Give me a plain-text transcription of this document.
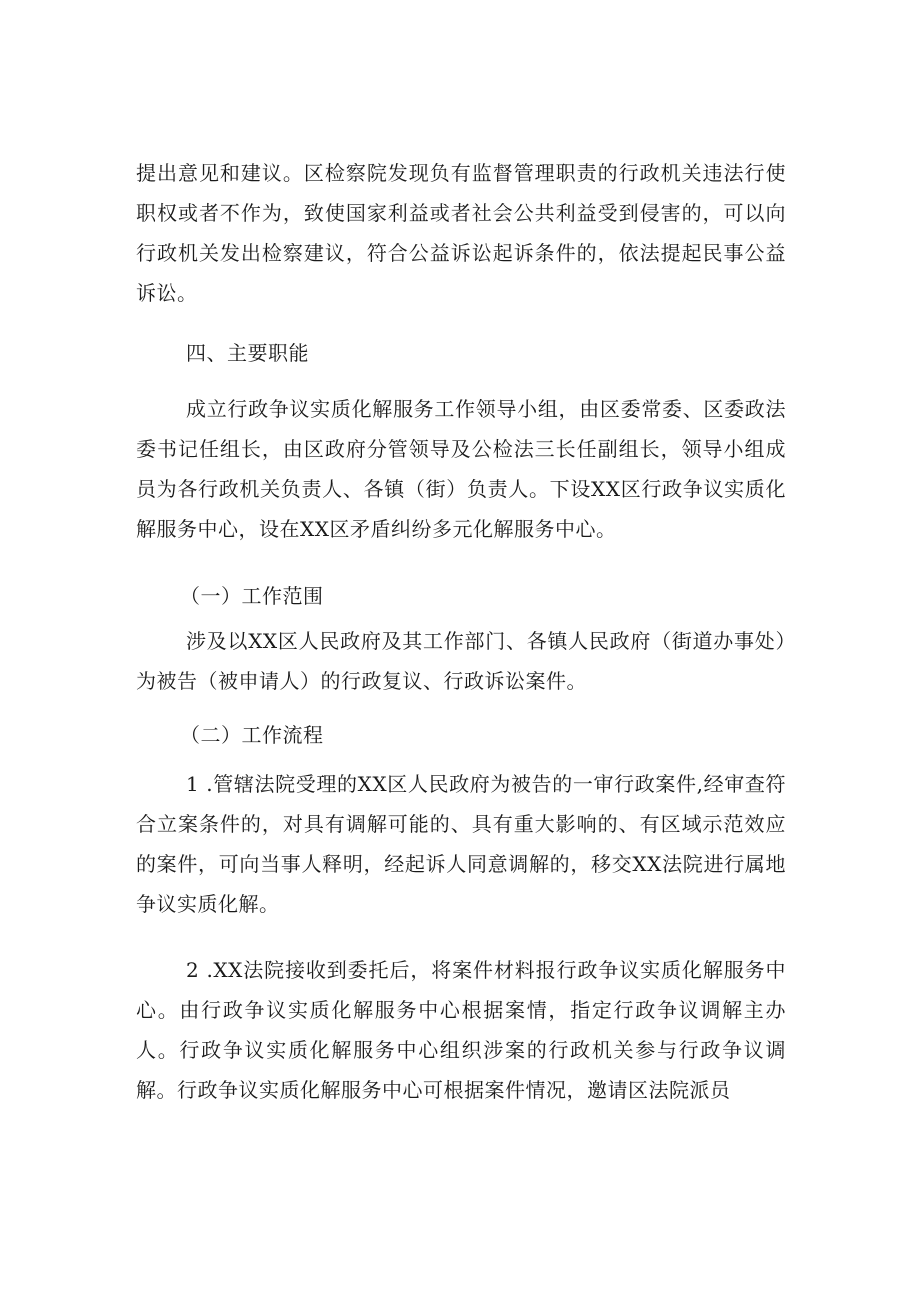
提出意见和建议。区检察院发现负有监督管理职责的行政机关违法行使职权或者不作为，致使国家利益或者社会公共利益受到侵害的，可以向行政机关发出检察建议，符合公益诉讼起诉条件的，依法提起民事公益诉讼。

四、主要职能

成立行政争议实质化解服务工作领导小组，由区委常委、区委政法委书记任组长，由区政府分管领导及公检法三长任副组长，领导小组成员为各行政机关负责人、各镇（街）负责人。下设XX区行政争议实质化解服务中心，设在XX区矛盾纠纷多元化解服务中心。

（一）工作范围

涉及以XX区人民政府及其工作部门、各镇人民政府（街道办事处）为被告（被申请人）的行政复议、行政诉讼案件。

（二）工作流程

1 .管辖法院受理的XX区人民政府为被告的一审行政案件,经审查符合立案条件的，对具有调解可能的、具有重大影响的、有区域示范效应的案件，可向当事人释明，经起诉人同意调解的，移交XX法院进行属地争议实质化解。

2 .XX法院接收到委托后，将案件材料报行政争议实质化解服务中心。由行政争议实质化解服务中心根据案情，指定行政争议调解主办人。行政争议实质化解服务中心组织涉案的行政机关参与行政争议调解。行政争议实质化解服务中心可根据案件情况，邀请区法院派员
